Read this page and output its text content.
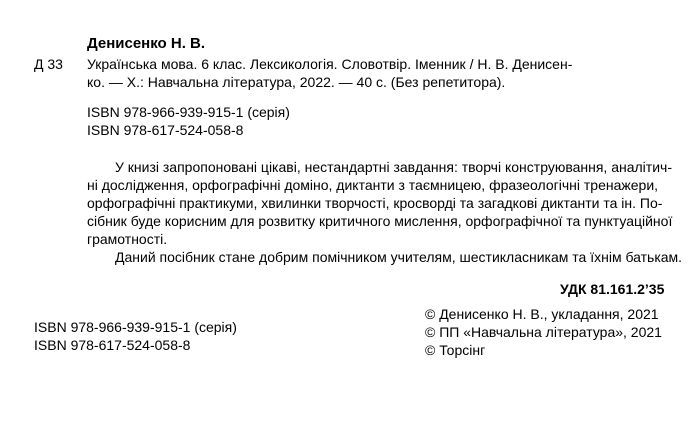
Денисенко Н. В.
Д 33 Українська мова. 6 клас. Лексикологія. Словотвір. Іменник / Н. В. Денисен-
ко. — Х.: Навчальна література, 2022. — 40 с. (Без репетитора).
ISBN 978-966-939-915-1 (серія)
ISBN 978-617-524-058-8
У книзі запропоновані цікаві, нестандартні завдання: творчі конструювання, аналітич-
ні дослідження, орфографічні доміно, диктанти з таємницею, фразеологічні тренажери,
орфографічні практикуми, хвилинки творчості, кросворді та загадкові диктанти та ін. По-
сібник буде корисним для розвитку критичного мислення, орфографічної та пунктуаційної
грамотності.
Даний посібник стане добрим помічником учителям, шестикласникам та їхнім батькам.
УДК 81.161.2’35
ISBN 978-966-939-915-1 (серія)
ISBN 978-617-524-058-8
© Денисенко Н. В., укладання, 2021
© ПП «Навчальна література», 2021
© Торсінг
